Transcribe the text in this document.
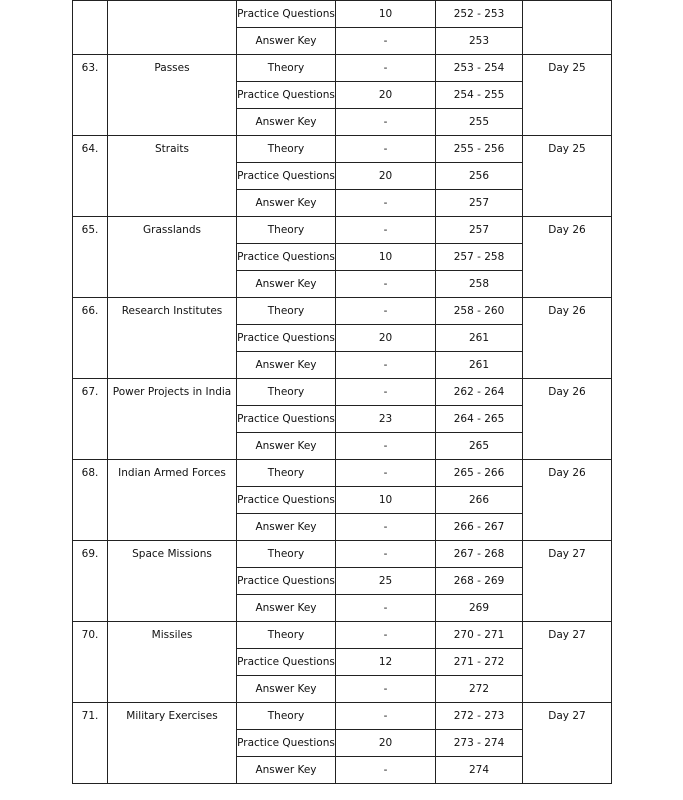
		Practice Questions	10	252 - 253	
		Answer Key	-	253	
63.	Passes	Theory	-	253 - 254	Day 25
		Practice Questions	20	254 - 255	
		Answer Key	-	255	
64.	Straits	Theory	-	255 - 256	Day 25
		Practice Questions	20	256	
		Answer Key	-	257	
65.	Grasslands	Theory	-	257	Day 26
		Practice Questions	10	257 - 258	
		Answer Key	-	258	
66.	Research Institutes	Theory	-	258 - 260	Day 26
		Practice Questions	20	261	
		Answer Key	-	261	
67.	Power Projects in India	Theory	-	262 - 264	Day 26
		Practice Questions	23	264 - 265	
		Answer Key	-	265	
68.	Indian Armed Forces	Theory	-	265 - 266	Day 26
		Practice Questions	10	266	
		Answer Key	-	266 - 267	
69.	Space Missions	Theory	-	267 - 268	Day 27
		Practice Questions	25	268 - 269	
		Answer Key	-	269	
70.	Missiles	Theory	-	270 - 271	Day 27
		Practice Questions	12	271 - 272	
		Answer Key	-	272	
71.	Military Exercises	Theory	-	272 - 273	Day 27
		Practice Questions	20	273 - 274	
		Answer Key	-	274	
